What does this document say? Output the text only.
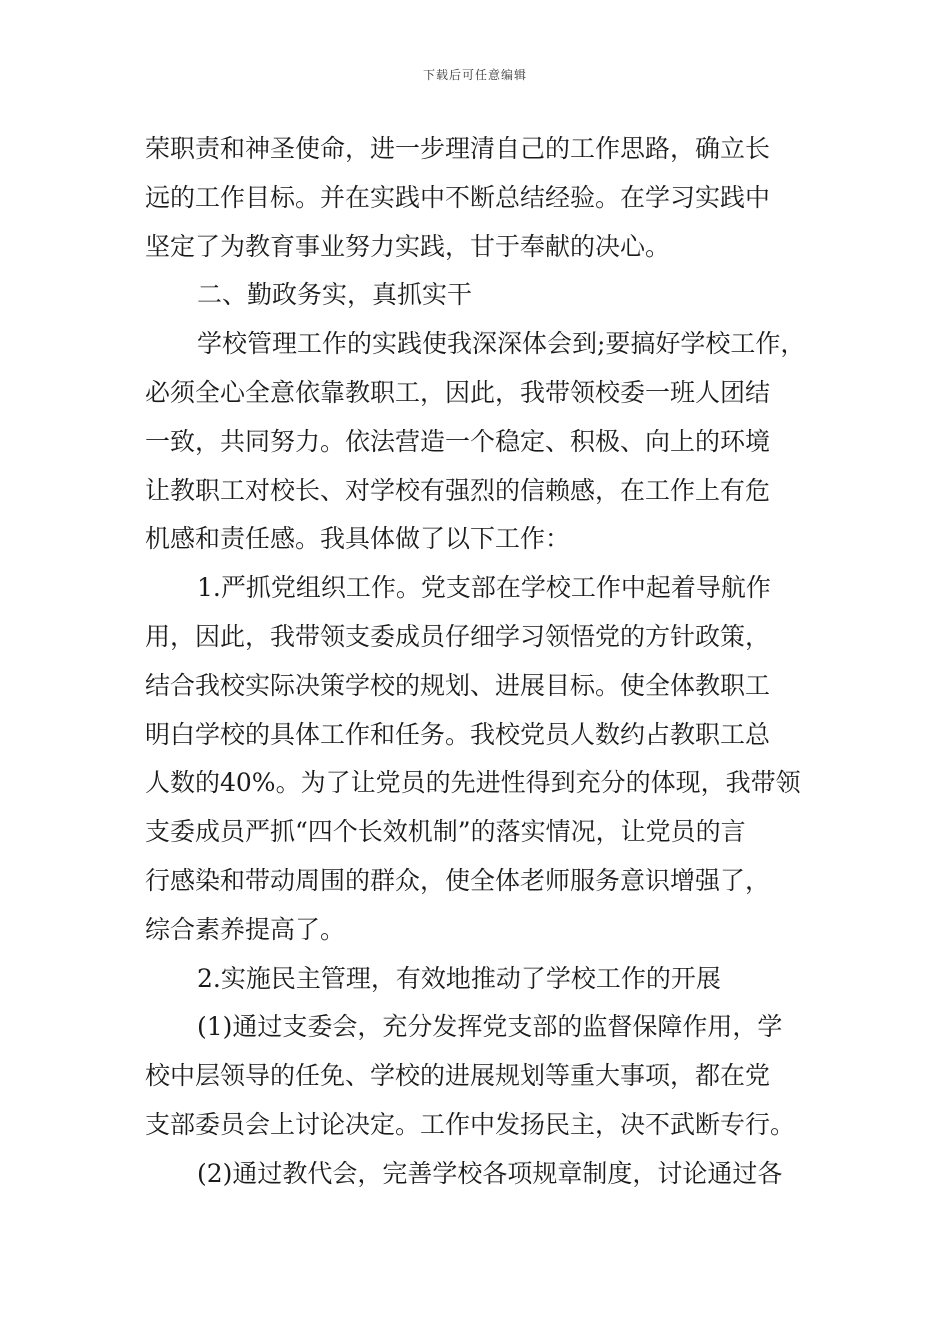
下载后可任意编辑
荣职责和神圣使命，进一步理清自己的工作思路，确立长
远的工作目标。并在实践中不断总结经验。在学习实践中
坚定了为教育事业努力实践，甘于奉献的决心。
二、勤政务实，真抓实干
学校管理工作的实践使我深深体会到;要搞好学校工作，
必须全心全意依靠教职工，因此，我带领校委一班人团结
一致，共同努力。依法营造一个稳定、积极、向上的环境
让教职工对校长、对学校有强烈的信赖感，在工作上有危
机感和责任感。我具体做了以下工作：
1.严抓党组织工作。党支部在学校工作中起着导航作
用，因此，我带领支委成员仔细学习领悟党的方针政策，
结合我校实际决策学校的规划、进展目标。使全体教职工
明白学校的具体工作和任务。我校党员人数约占教职工总
人数的40%。为了让党员的先进性得到充分的体现，我带领
支委成员严抓“四个长效机制”的落实情况，让党员的言
行感染和带动周围的群众，使全体老师服务意识增强了，
综合素养提高了。
2.实施民主管理，有效地推动了学校工作的开展
(1)通过支委会，充分发挥党支部的监督保障作用，学
校中层领导的任免、学校的进展规划等重大事项，都在党
支部委员会上讨论决定。工作中发扬民主，决不武断专行。
(2)通过教代会，完善学校各项规章制度，讨论通过各
